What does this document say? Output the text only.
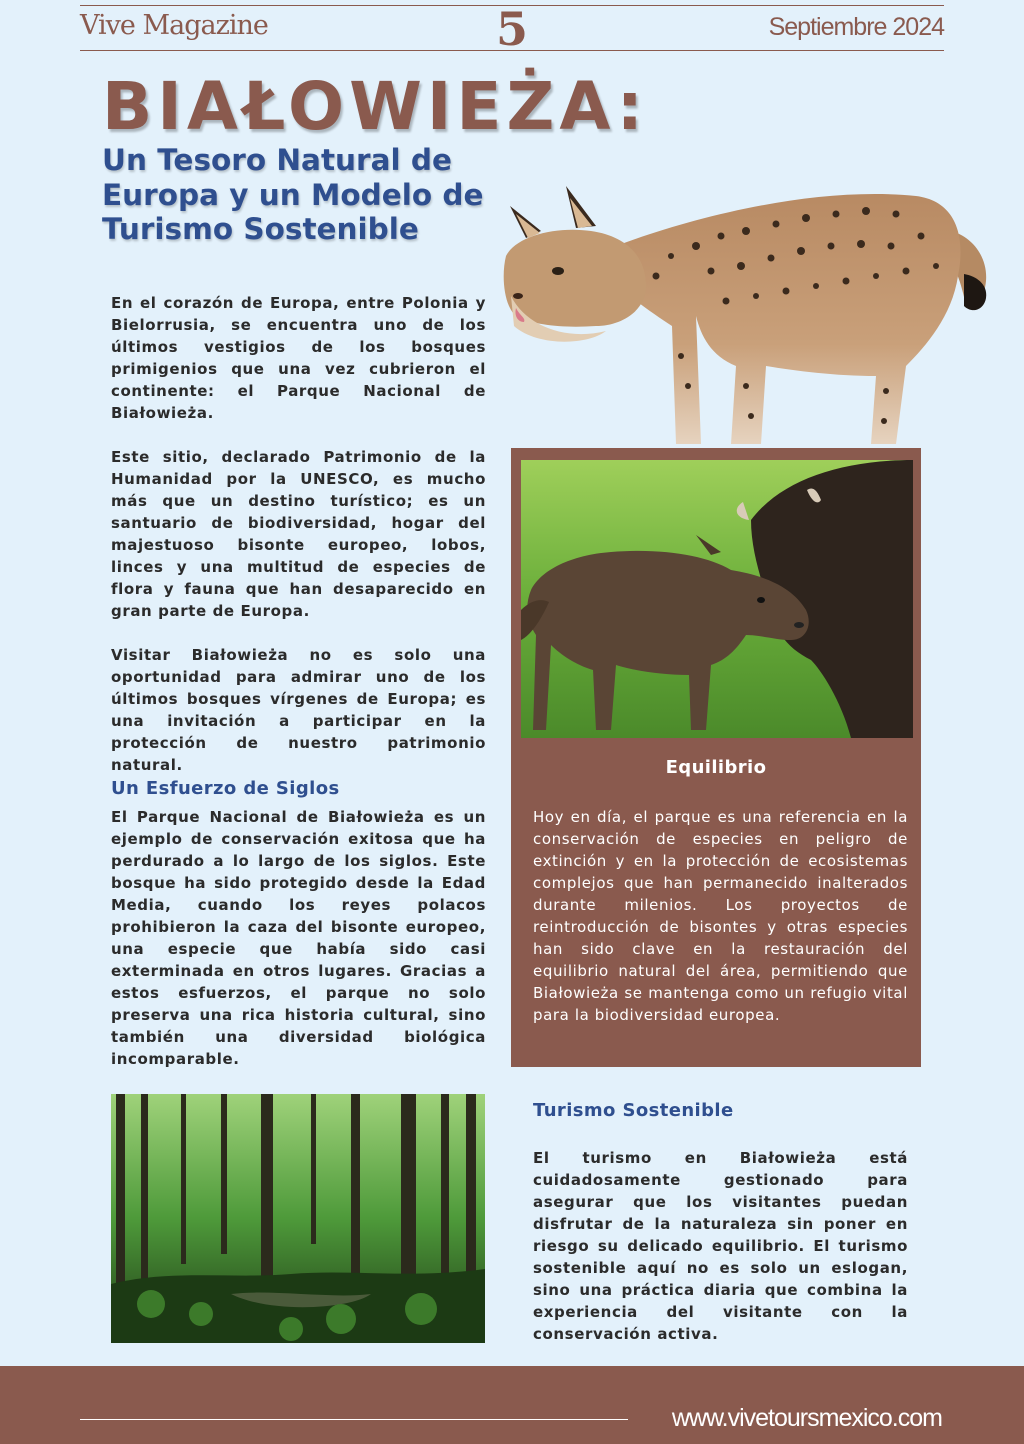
Vive Magazine	5	Septiembre 2024
BIAŁOWIEŻA:
Un Tesoro Natural de Europa y un Modelo de Turismo Sostenible

En el corazón de Europa, entre Polonia y Bielorrusia, se encuentra uno de los últimos vestigios de los bosques primigenios que una vez cubrieron el continente: el Parque Nacional de Białowieża.

Este sitio, declarado Patrimonio de la Humanidad por la UNESCO, es mucho más que un destino turístico; es un santuario de biodiversidad, hogar del majestuoso bisonte europeo, lobos, linces y una multitud de especies de flora y fauna que han desaparecido en gran parte de Europa.

Visitar Białowieża no es solo una oportunidad para admirar uno de los últimos bosques vírgenes de Europa; es una invitación a participar en la protección de nuestro patrimonio natural.

Un Esfuerzo de Siglos

El Parque Nacional de Białowieża es un ejemplo de conservación exitosa que ha perdurado a lo largo de los siglos. Este bosque ha sido protegido desde la Edad Media, cuando los reyes polacos prohibieron la caza del bisonte europeo, una especie que había sido casi exterminada en otros lugares. Gracias a estos esfuerzos, el parque no solo preserva una rica historia cultural, sino también una diversidad biológica incomparable.

Equilibrio

Hoy en día, el parque es una referencia en la conservación de especies en peligro de extinción y en la protección de ecosistemas complejos que han permanecido inalterados durante milenios. Los proyectos de reintroducción de bisontes y otras especies han sido clave en la restauración del equilibrio natural del área, permitiendo que Białowieża se mantenga como un refugio vital para la biodiversidad europea.

Turismo Sostenible

El turismo en Białowieża está cuidadosamente gestionado para asegurar que los visitantes puedan disfrutar de la naturaleza sin poner en riesgo su delicado equilibrio. El turismo sostenible aquí no es solo un eslogan, sino una práctica diaria que combina la experiencia del visitante con la conservación activa.

www.vivetoursmexico.com
